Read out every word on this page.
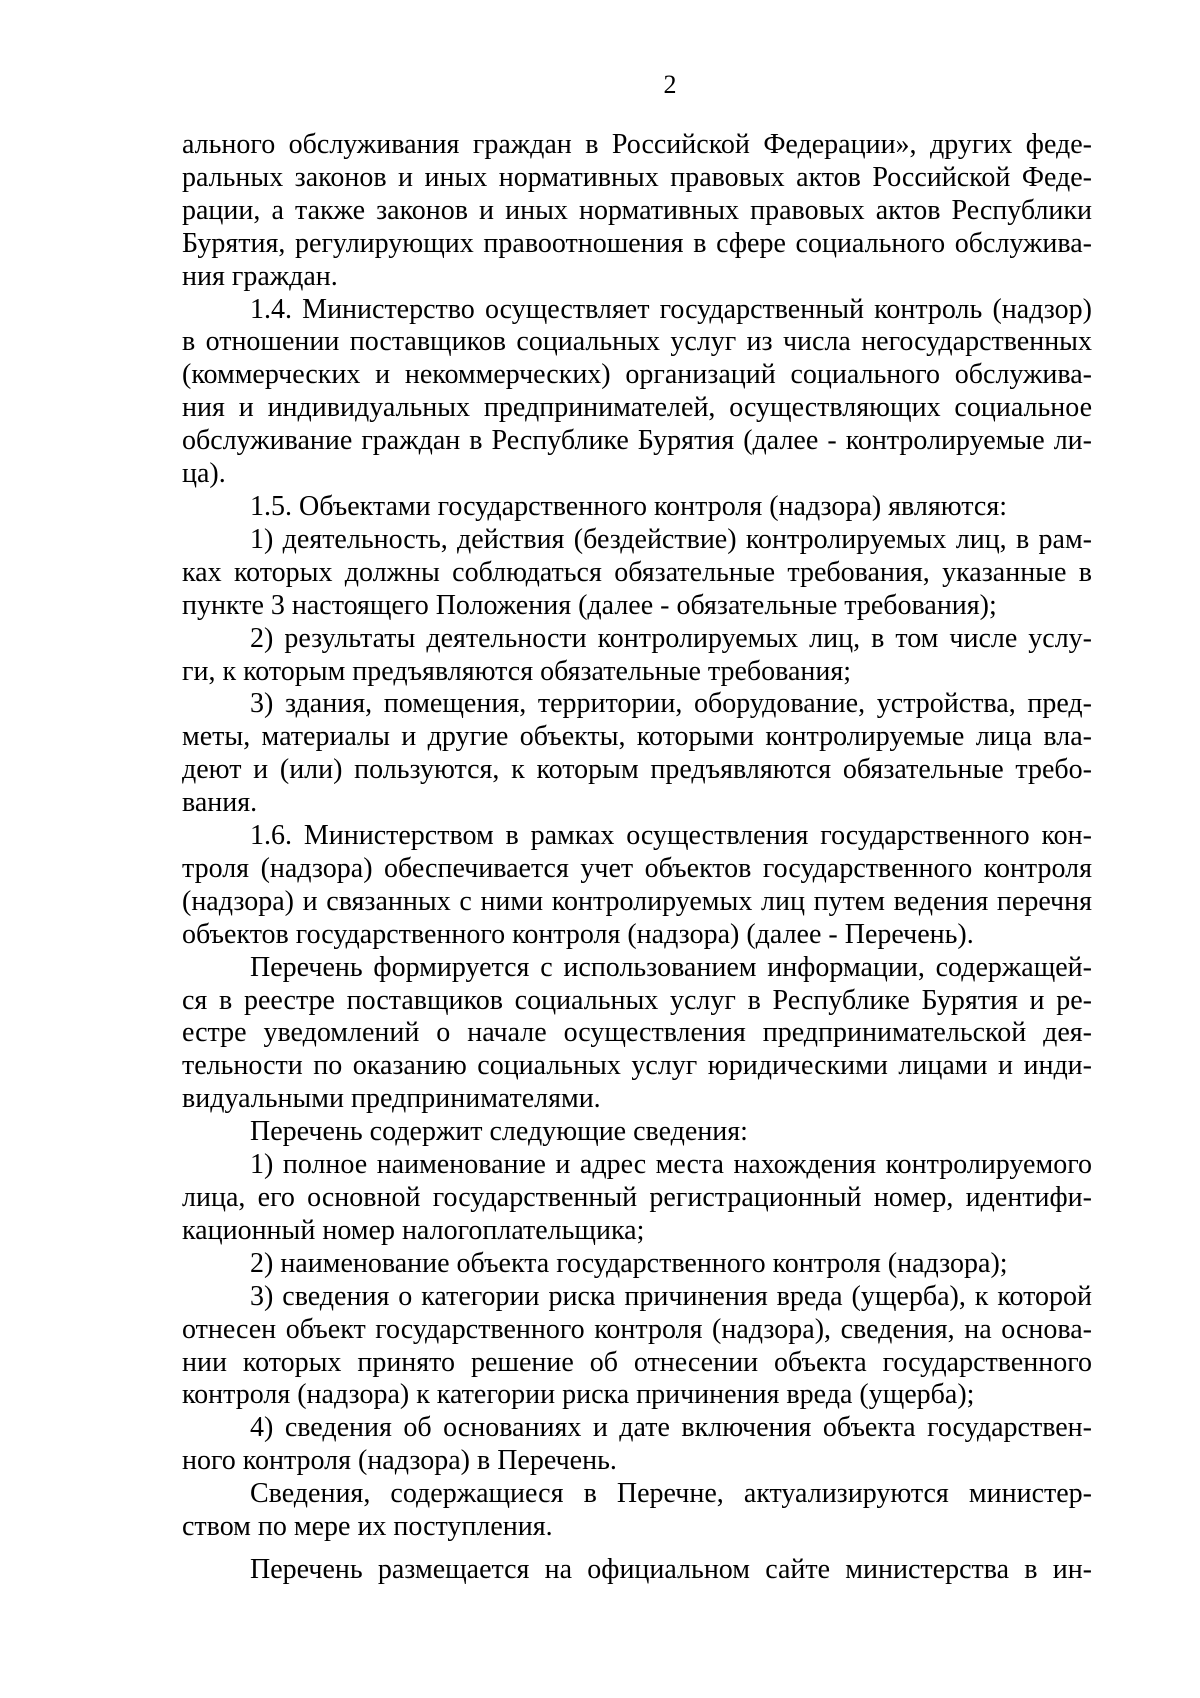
2

ального обслуживания граждан в Российской Федерации», других феде-

ральных законов и иных нормативных правовых актов Российской Феде-

рации, а также законов и иных нормативных правовых актов Республики

Бурятия, регулирующих правоотношения в сфере социального обслужива-

ния граждан.

1.4. Министерство осуществляет государственный контроль (надзор)

в отношении поставщиков социальных услуг из числа негосударственных

(коммерческих и некоммерческих) организаций социального обслужива-

ния и индивидуальных предпринимателей, осуществляющих социальное

обслуживание граждан в Республике Бурятия (далее - контролируемые ли-

ца).

1.5. Объектами государственного контроля (надзора) являются:

1) деятельность, действия (бездействие) контролируемых лиц, в рам-

ках которых должны соблюдаться обязательные требования, указанные в

пункте 3 настоящего Положения (далее - обязательные требования);

2) результаты деятельности контролируемых лиц, в том числе услу-

ги, к которым предъявляются обязательные требования;

3) здания, помещения, территории, оборудование, устройства, пред-

меты, материалы и другие объекты, которыми контролируемые лица вла-

деют и (или) пользуются, к которым предъявляются обязательные требо-

вания.

1.6. Министерством в рамках осуществления государственного кон-

троля (надзора) обеспечивается учет объектов государственного контроля

(надзора) и связанных с ними контролируемых лиц путем ведения перечня

объектов государственного контроля (надзора) (далее - Перечень).

Перечень формируется с использованием информации, содержащей-

ся в реестре поставщиков социальных услуг в Республике Бурятия и ре-

естре уведомлений о начале осуществления предпринимательской дея-

тельности по оказанию социальных услуг юридическими лицами и инди-

видуальными предпринимателями.

Перечень содержит следующие сведения:

1) полное наименование и адрес места нахождения контролируемого

лица, его основной государственный регистрационный номер, идентифи-

кационный номер налогоплательщика;

2) наименование объекта государственного контроля (надзора);

3) сведения о категории риска причинения вреда (ущерба), к которой

отнесен объект государственного контроля (надзора), сведения, на основа-

нии которых принято решение об отнесении объекта государственного

контроля (надзора) к категории риска причинения вреда (ущерба);

4) сведения об основаниях и дате включения объекта государствен-

ного контроля (надзора) в Перечень.

Сведения, содержащиеся в Перечне, актуализируются министер-

ством по мере их поступления.

Перечень размещается на официальном сайте министерства в ин-
